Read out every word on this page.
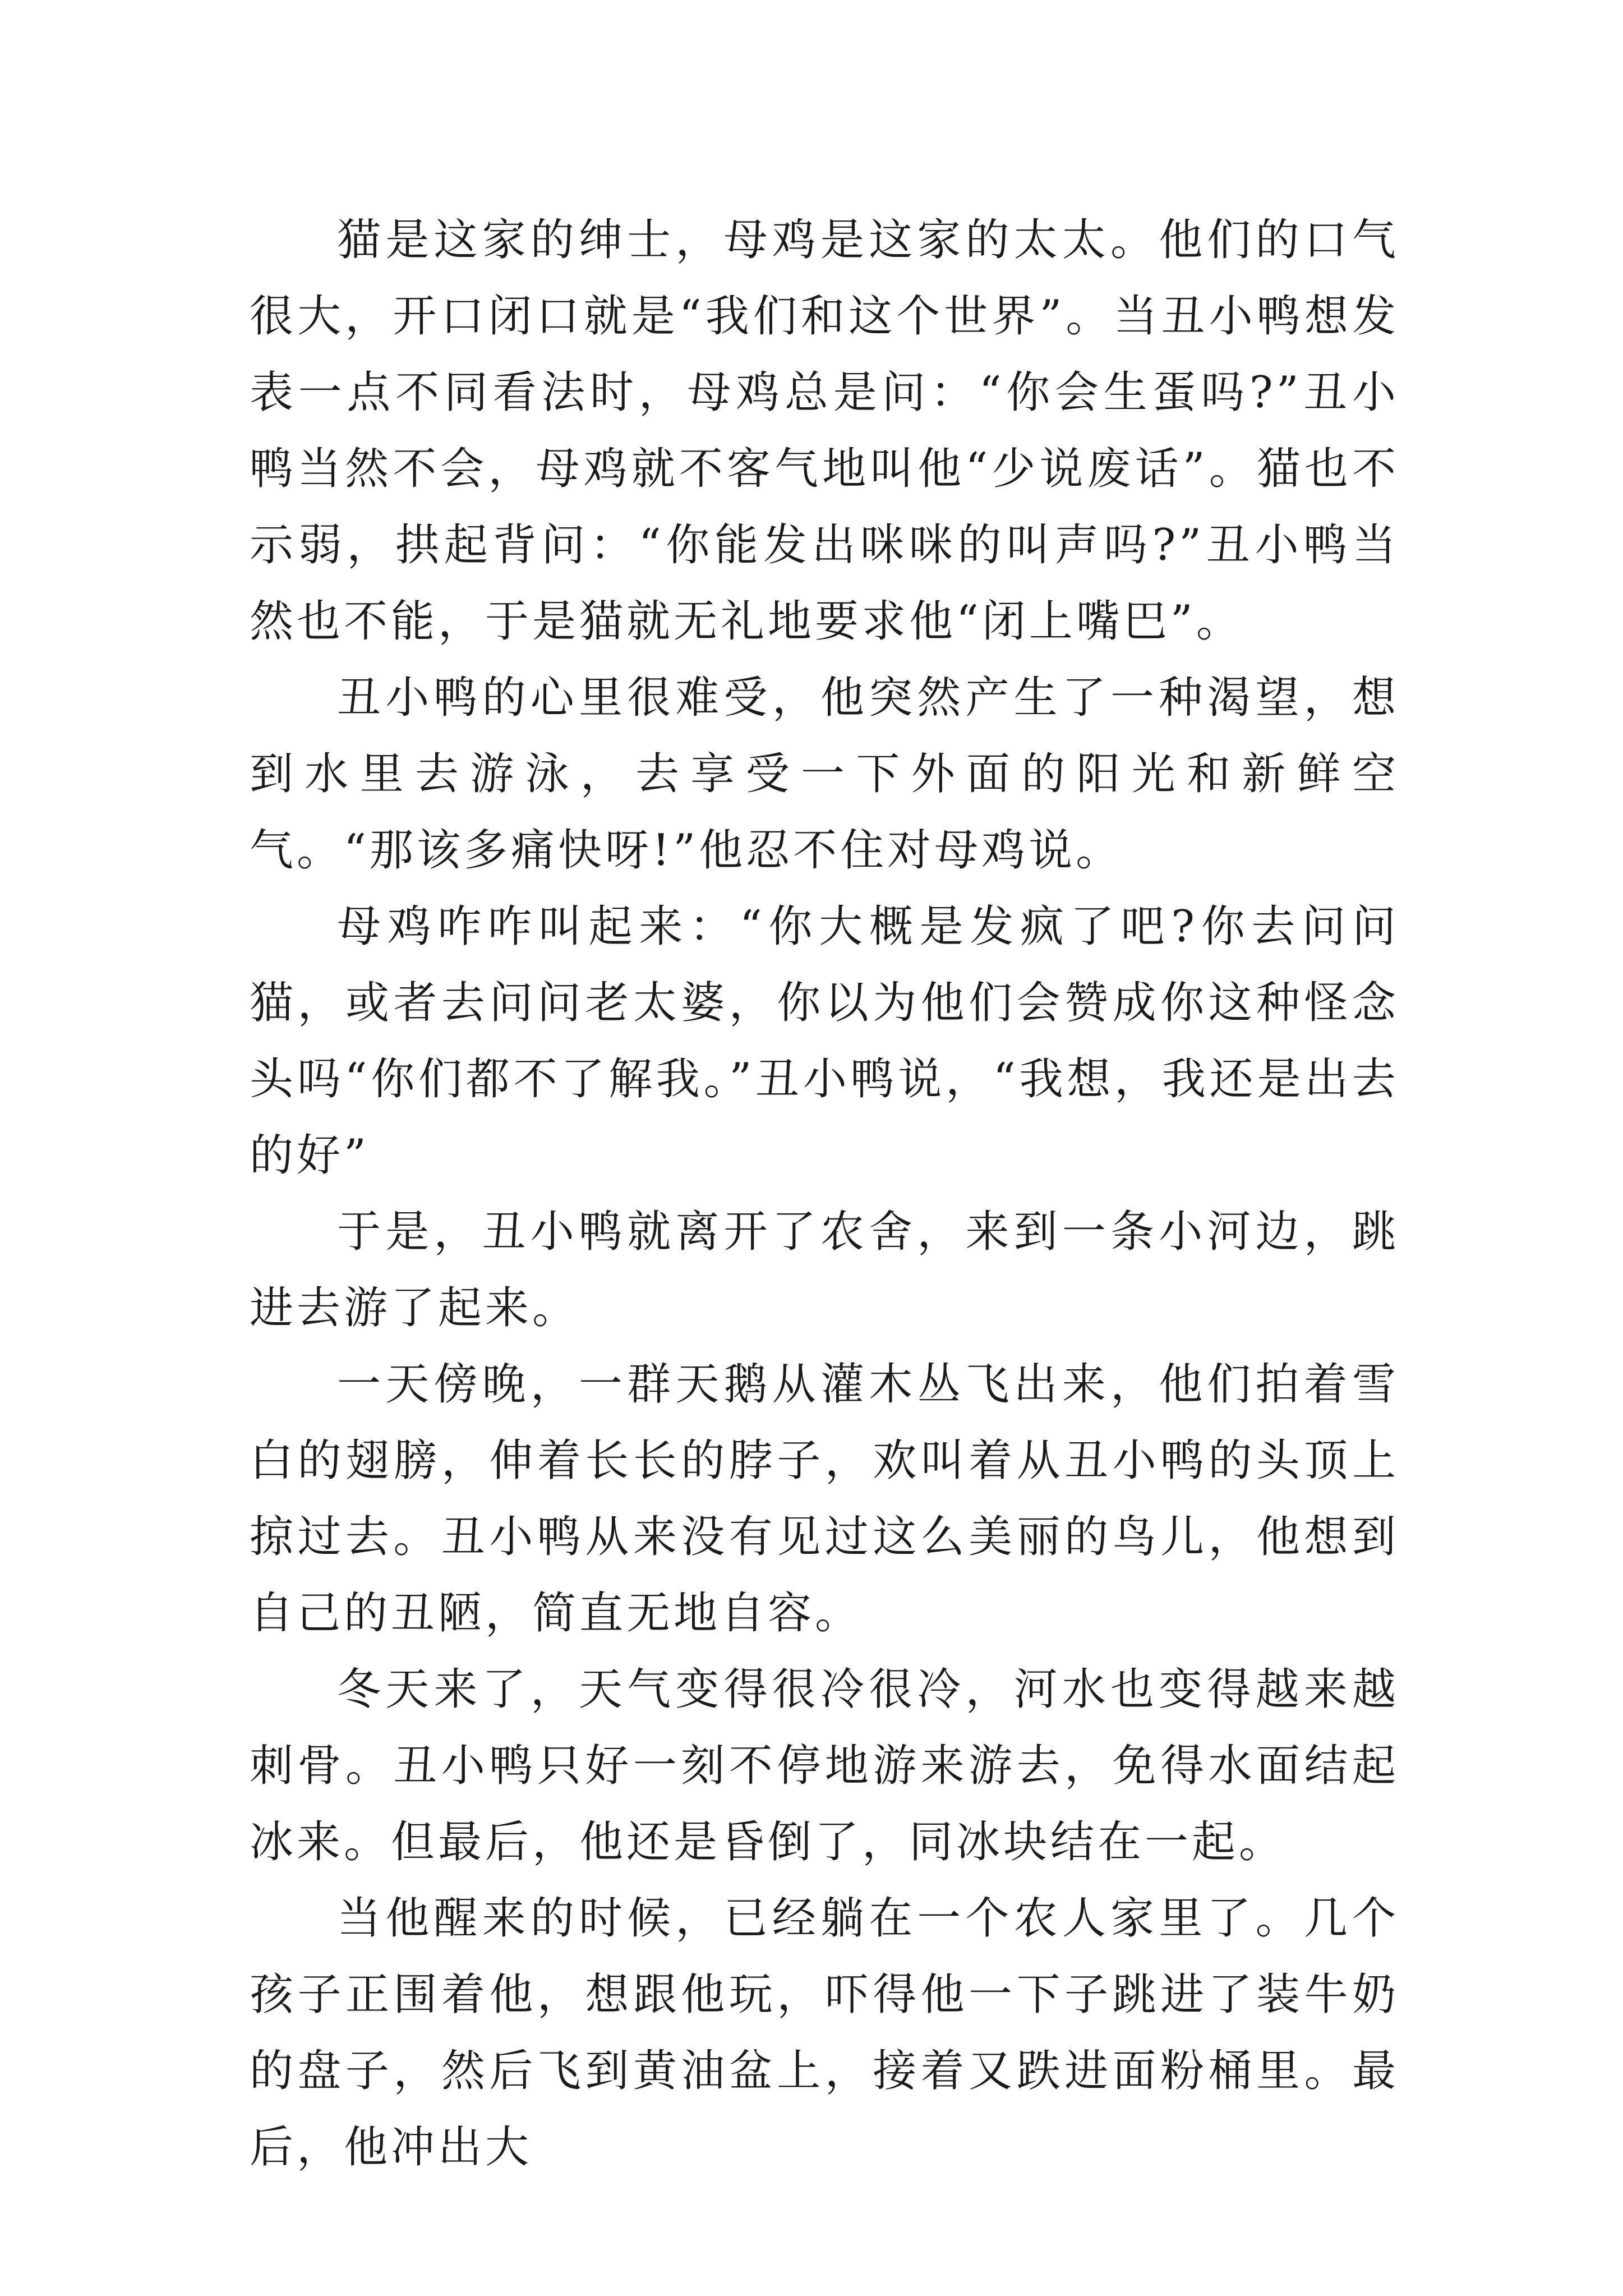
猫是这家的绅士，母鸡是这家的太太。他们的口气很大，开口闭口就是“我们和这个世界”。当丑小鸭想发表一点不同看法时，母鸡总是问：“你会生蛋吗?”丑小鸭当然不会，母鸡就不客气地叫他“少说废话”。猫也不示弱，拱起背问：“你能发出咪咪的叫声吗?”丑小鸭当然也不能，于是猫就无礼地要求他“闭上嘴巴”。

丑小鸭的心里很难受，他突然产生了一种渴望，想到水里去游泳，去享受一下外面的阳光和新鲜空气。“那该多痛快呀!”他忍不住对母鸡说。

母鸡咋咋叫起来：“你大概是发疯了吧?你去问问猫，或者去问问老太婆，你以为他们会赞成你这种怪念头吗“你们都不了解我。”丑小鸭说，“我想，我还是出去的好”

于是，丑小鸭就离开了农舍，来到一条小河边，跳进去游了起来。

一天傍晚，一群天鹅从灌木丛飞出来，他们拍着雪白的翅膀，伸着长长的脖子，欢叫着从丑小鸭的头顶上掠过去。丑小鸭从来没有见过这么美丽的鸟儿，他想到自己的丑陋，简直无地自容。

冬天来了，天气变得很冷很冷，河水也变得越来越刺骨。丑小鸭只好一刻不停地游来游去，免得水面结起冰来。但最后，他还是昏倒了，同冰块结在一起。

当他醒来的时候，已经躺在一个农人家里了。几个孩子正围着他，想跟他玩，吓得他一下子跳进了装牛奶的盘子，然后飞到黄油盆上，接着又跌进面粉桶里。最后，他冲出大
